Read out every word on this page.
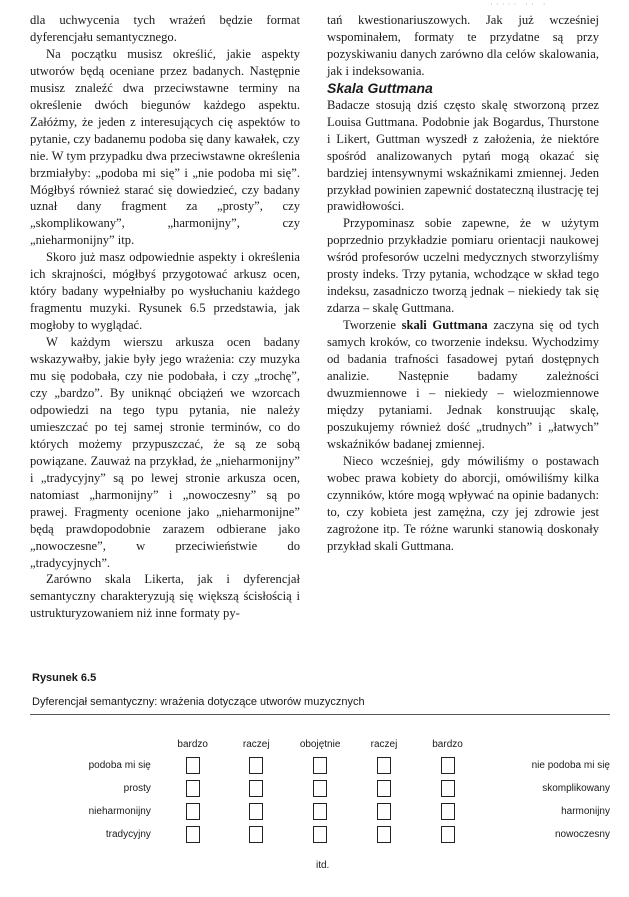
····· ·· ·

dla uchwycenia tych wrażeń będzie format dyferencjału semantycznego.

Na początku musisz określić, jakie aspekty utworów będą oceniane przez badanych. Następnie musisz znaleźć dwa przeciwstawne terminy na określenie dwóch biegunów każdego aspektu. Załóżmy, że jeden z interesujących cię aspektów to pytanie, czy badanemu podoba się dany kawałek, czy nie. W tym przypadku dwa przeciwstawne określenia brzmiałyby: „podoba mi się” i „nie podoba mi się”. Mógłbyś również starać się dowiedzieć, czy badany uznał dany fragment za „prosty”, czy „skomplikowany”, „harmonijny”, czy „nieharmonijny” itp.

Skoro już masz odpowiednie aspekty i określenia ich skrajności, mógłbyś przygotować arkusz ocen, który badany wypełniałby po wysłuchaniu każdego fragmentu muzyki. Rysunek 6.5 przedstawia, jak mogłoby to wyglądać.

W każdym wierszu arkusza ocen badany wskazywałby, jakie były jego wrażenia: czy muzyka mu się podobała, czy nie podobała, i czy „trochę”, czy „bardzo”. By uniknąć obciążeń we wzorcach odpowiedzi na tego typu pytania, nie należy umieszczać po tej samej stronie terminów, co do których możemy przypuszczać, że są ze sobą powiązane. Zauważ na przykład, że „nieharmonijny” i „tradycyjny” są po lewej stronie arkusza ocen, natomiast „harmonijny” i „nowoczesny” są po prawej. Fragmenty ocenione jako „nieharmonijne” będą prawdopodobnie zarazem odbierane jako „nowoczesne”, w przeciwieństwie do „tradycyjnych”.

Zarówno skala Likerta, jak i dyferencjał semantyczny charakteryzują się większą ścisłością i ustrukturyzowaniem niż inne formaty py-

tań kwestionariuszowych. Jak już wcześniej wspominałem, formaty te przydatne są przy pozyskiwaniu danych zarówno dla celów skalowania, jak i indeksowania.

Skala Guttmana

Badacze stosują dziś często skalę stworzoną przez Louisa Guttmana. Podobnie jak Bogardus, Thurstone i Likert, Guttman wyszedł z założenia, że niektóre spośród analizowanych pytań mogą okazać się bardziej intensywnymi wskaźnikami zmiennej. Jeden przykład powinien zapewnić dostateczną ilustrację tej prawidłowości.

Przypominasz sobie zapewne, że w użytym poprzednio przykładzie pomiaru orientacji naukowej wśród profesorów uczelni medycznych stworzyliśmy prosty indeks. Trzy pytania, wchodzące w skład tego indeksu, zasadniczo tworzą jednak – niekiedy tak się zdarza – skalę Guttmana.

Tworzenie skali Guttmana zaczyna się od tych samych kroków, co tworzenie indeksu. Wychodzimy od badania trafności fasadowej pytań dostępnych analizie. Następnie badamy zależności dwuzmiennowe i – niekiedy – wielozmiennowe między pytaniami. Jednak konstruując skalę, poszukujemy również dość „trudnych” i „łatwych” wskaźników badanej zmiennej.

Nieco wcześniej, gdy mówiliśmy o postawach wobec prawa kobiety do aborcji, omówiliśmy kilka czynników, które mogą wpływać na opinie badanych: to, czy kobieta jest zamężna, czy jej zdrowie jest zagrożone itp. Te różne warunki stanowią doskonały przykład skali Guttmana.

Rysunek 6.5
Dyferencjał semantyczny: wrażenia dotyczące utworów muzycznych
	bardzo	raczej	obojętnie	raczej	bardzo	
podoba mi się						nie podoba mi się
prosty						skomplikowany
nieharmonijny						harmonijny
tradycyjny						nowoczesny
itd.
